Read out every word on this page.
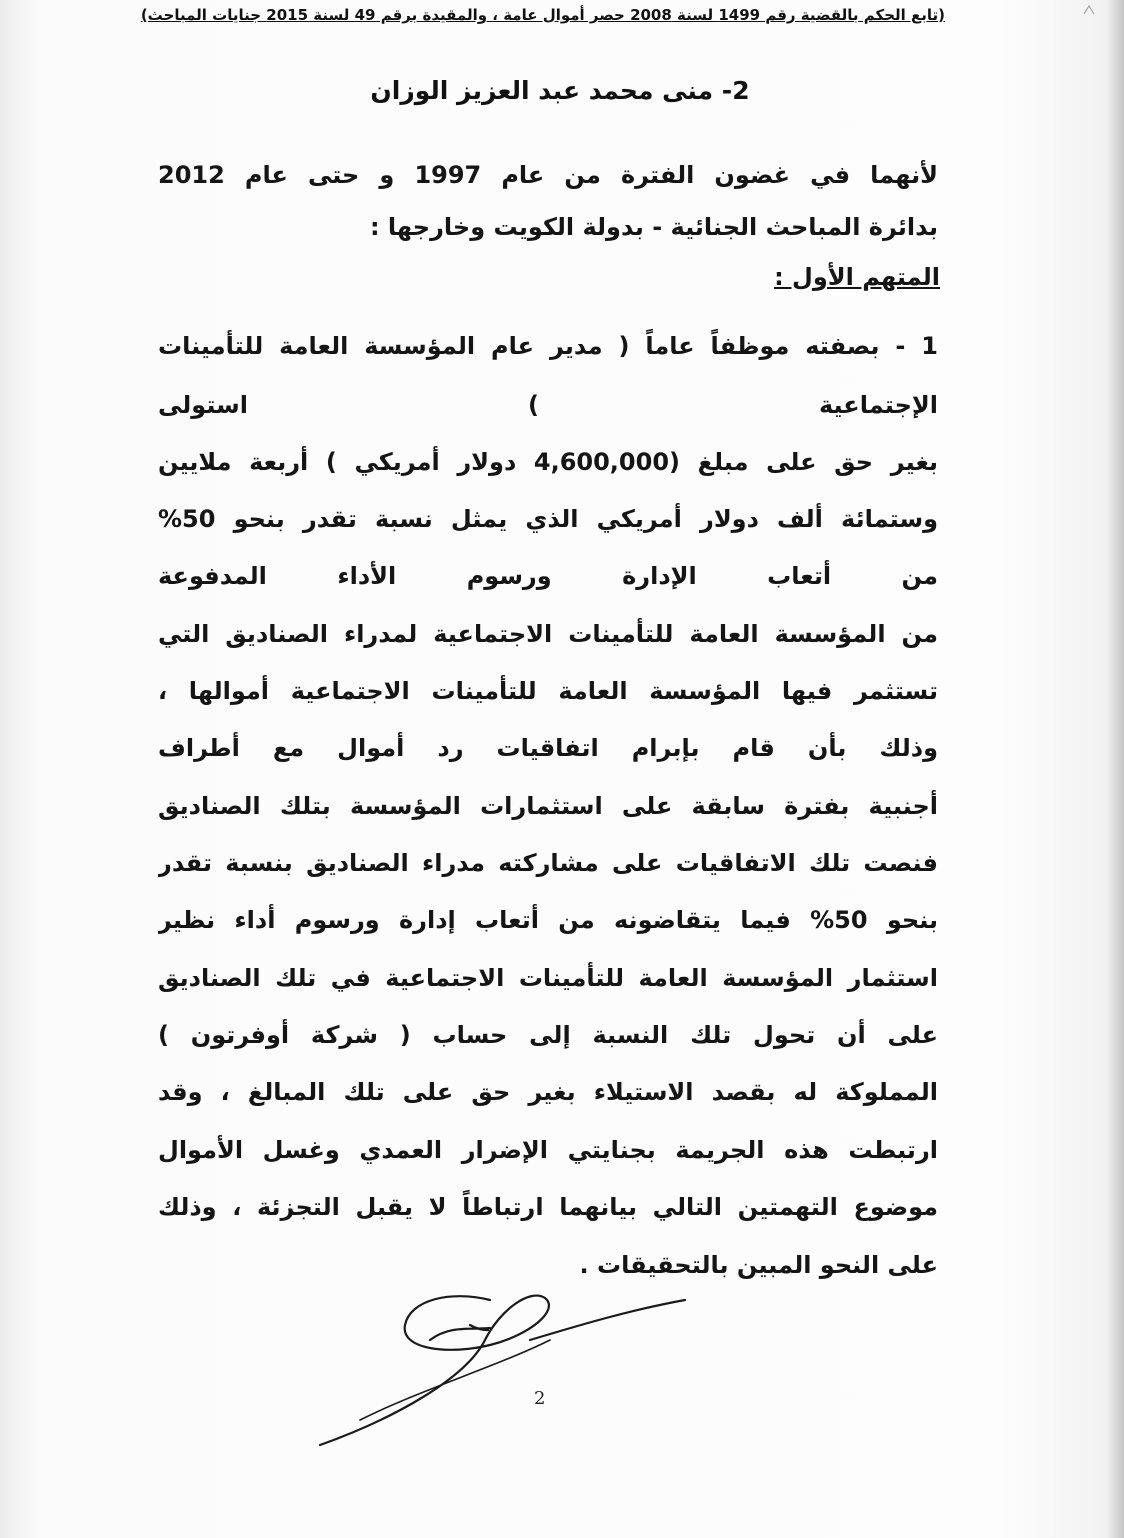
(تابع الحكم بالقضية رقم 1499 لسنة 2008 حصر أموال عامة ، والمقيدة برقم 49 لسنة 2015 جنايات المباحث)
2- منى محمد عبد العزيز الوزان
لأنهما في غضون الفترة من عام 1997 و حتى عام 2012
بدائرة المباحث الجنائية - بدولة الكويت وخارجها :
المتهم الأول :
1 - بصفته موظفاً عاماً ( مدير عام المؤسسة العامة للتأمينات
الإجتماعية ) استولى
بغير حق على مبلغ (4,600,000 دولار أمريكي ) أربعة ملايين
وستمائة ألف دولار أمريكي الذي يمثل نسبة تقدر بنحو 50%
من أتعاب الإدارة ورسوم الأداء المدفوعة
من المؤسسة العامة للتأمينات الاجتماعية لمدراء الصناديق التي
تستثمر فيها المؤسسة العامة للتأمينات الاجتماعية أموالها ،
وذلك بأن قام بإبرام اتفاقيات رد أموال مع أطراف
أجنبية بفترة سابقة على استثمارات المؤسسة بتلك الصناديق
فنصت تلك الاتفاقيات على مشاركته مدراء الصناديق بنسبة تقدر
بنحو 50% فيما يتقاضونه من أتعاب إدارة ورسوم أداء نظير
استثمار المؤسسة العامة للتأمينات الاجتماعية في تلك الصناديق
على أن تحول تلك النسبة إلى حساب ( شركة أوفرتون )
المملوكة له بقصد الاستيلاء بغير حق على تلك المبالغ ، وقد
ارتبطت هذه الجريمة بجنايتي الإضرار العمدي وغسل الأموال
موضوع التهمتين التالي بيانهما ارتباطاً لا يقبل التجزئة ، وذلك
على النحو المبين بالتحقيقات .
2
